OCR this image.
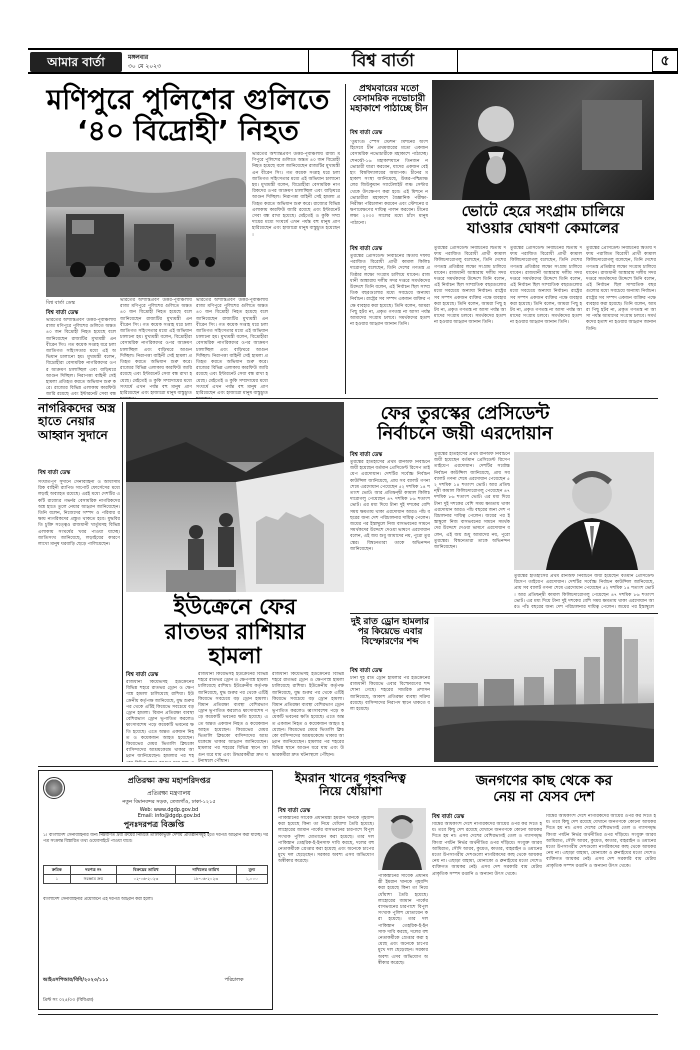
আমার বার্তা	মঙ্গলবার
৩০ মে ২০২৩	বিশ্ব বার্তা	৫
মণিপুরে পুলিশের গুলিতে
‘৪০ বিদ্রোহী’ নিহত
বিশ্ব বার্তা ডেস্ক
বিশ্ব বার্তা ডেস্ক
ভারতের অশান্তিপ্রবণ উত্তর-পূর্বাঞ্চলীয় রাজ্য মণিপুরে পুলিশের গুলিতে অন্তত ৪০ জন বিদ্রোহী নিহত হয়েছে বলে জানিয়েছেন রাজ্যটির মুখ্যমন্ত্রী এন বীরেন সিং। গত কয়েক সপ্তাহ ধরে চলা জাতিগত সহিংসতার মধ্যে এই অভিযান চালানো হয়। মুখ্যমন্ত্রী বলেন, বিদ্রোহীরা বেসামরিক নাগরিকদের ওপর আক্রমণ চালাচ্ছিল এবং বাড়িঘরে আগুন দিচ্ছিল। নিরাপত্তা বাহিনী সেই হামলা প্রতিহত করতে অভিযান শুরু করে। রাজ্যের বিভিন্ন এলাকায় কারফিউ জারি রয়েছে এবং ইন্টারনেট সেবা বন্ধ
ভারতের অশান্তিপ্রবণ উত্তর-পূর্বাঞ্চলীয় রাজ্য মণিপুরে পুলিশের গুলিতে অন্তত ৪০ জন বিদ্রোহী নিহত হয়েছে বলে জানিয়েছেন রাজ্যটির মুখ্যমন্ত্রী এন বীরেন সিং। গত কয়েক সপ্তাহ ধরে চলা জাতিগত সহিংসতার মধ্যে এই অভিযান চালানো হয়। মুখ্যমন্ত্রী বলেন, বিদ্রোহীরা বেসামরিক নাগরিকদের ওপর আক্রমণ চালাচ্ছিল এবং বাড়িঘরে আগুন দিচ্ছিল। নিরাপত্তা বাহিনী সেই হামলা প্রতিহত করতে অভিযান শুরু করে। রাজ্যের বিভিন্ন এলাকায় কারফিউ জারি রয়েছে এবং ইন্টারনেট সেবা বন্ধ রাখা হয়েছে। মেইতেই ও কুকি সম্প্রদায়ের মধ্যে সংঘর্ষে এখন পর্যন্ত বহু মানুষ প্রাণ হারিয়েছেন এবং হাজারো মানুষ বাস্তুচ্যুত
ভারতের অশান্তিপ্রবণ উত্তর-পূর্বাঞ্চলীয় রাজ্য মণিপুরে পুলিশের গুলিতে অন্তত ৪০ জন বিদ্রোহী নিহত হয়েছে বলে জানিয়েছেন রাজ্যটির মুখ্যমন্ত্রী এন বীরেন সিং। গত কয়েক সপ্তাহ ধরে চলা জাতিগত সহিংসতার মধ্যে এই অভিযান চালানো হয়। মুখ্যমন্ত্রী বলেন, বিদ্রোহীরা বেসামরিক নাগরিকদের ওপর আক্রমণ চালাচ্ছিল এবং বাড়িঘরে আগুন দিচ্ছিল। নিরাপত্তা বাহিনী সেই হামলা প্রতিহত করতে অভিযান শুরু করে। রাজ্যের বিভিন্ন এলাকায় কারফিউ জারি রয়েছে এবং ইন্টারনেট সেবা বন্ধ রাখা হয়েছে। মেইতেই ও কুকি সম্প্রদায়ের মধ্যে সংঘর্ষে এখন পর্যন্ত বহু মানুষ প্রাণ হারিয়েছেন এবং হাজারো মানুষ বাস্তুচ্যুত
ভারতের অশান্তিপ্রবণ উত্তর-পূর্বাঞ্চলীয় রাজ্য মণিপুরে পুলিশের গুলিতে অন্তত ৪০ জন বিদ্রোহী নিহত হয়েছে বলে জানিয়েছেন রাজ্যটির মুখ্যমন্ত্রী এন বীরেন সিং। গত কয়েক সপ্তাহ ধরে চলা জাতিগত সহিংসতার মধ্যে এই অভিযান চালানো হয়। মুখ্যমন্ত্রী বলেন, বিদ্রোহীরা বেসামরিক নাগরিকদের ওপর আক্রমণ চালাচ্ছিল এবং বাড়িঘরে আগুন দিচ্ছিল। নিরাপত্তা বাহিনী সেই হামলা প্রতিহত করতে অভিযান শুরু করে। রাজ্যের বিভিন্ন এলাকায় কারফিউ জারি রয়েছে এবং ইন্টারনেট সেবা বন্ধ রাখা হয়েছে। মেইতেই ও কুকি সম্প্রদায়ের মধ্যে সংঘর্ষে এখন পর্যন্ত বহু মানুষ প্রাণ হারিয়েছেন এবং হাজারো মানুষ বাস্তুচ্যুত হয়েছেন।
প্রথমবারের মতো বেসামরিক নভোচারী মহাকাশে পাঠাচ্ছে চীন
বিশ্ব বার্তা ডেস্ক
‘তুয়াংগু স্পেস স্টেশন’ মিশনের অংশ হিসেবে চীন প্রথমবারের মতো একজন বেসামরিক নভোচারীকে মহাকাশে পাঠাচ্ছে। শেনঝৌ-১৬ মহাকাশযানে তিনজন নভোচারী যাত্রা করবেন, যাদের একজন বেইহাং বিশ্ববিদ্যালয়ের অধ্যাপক। চীনের মহাকাশ সংস্থা জানিয়েছে, উত্তর-পশ্চিমাঞ্চলের জিউকুয়ান স্যাটেলাইট লঞ্চ সেন্টার থেকে উৎক্ষেপণ করা হবে। এই মিশনে নভোচারীরা মহাকাশে বৈজ্ঞানিক পরীক্ষা-নিরীক্ষা পরিচালনা করবেন এবং স্টেশনের রক্ষণাবেক্ষণের দায়িত্ব পালন করবেন। চীনের লক্ষ্য ২০৩০ সালের মধ্যে চাঁদে মানুষ পাঠানো।
ভোটে হেরে সংগ্রাম চালিয়ে
যাওয়ার ঘোষণা কেমালের
বিশ্ব বার্তা ডেস্ক
তুরস্কের প্রেসিডেন্ট নির্বাচনের দ্বিতীয় দফায় পরাজিত বিরোধী প্রার্থী কামাল কিলিচদারোগলু বলেছেন, তিনি দেশের গণতন্ত্র প্রতিষ্ঠার লক্ষ্যে সংগ্রাম চালিয়ে যাবেন। রাজধানী আঙ্কারায় দলীয় সদর দপ্তরে সমর্থকদের উদ্দেশে তিনি বলেন, এই নির্বাচন ছিল সাম্প্রতিক বছরগুলোর মধ্যে সবচেয়ে অন্যায্য নির্বাচন। রাষ্ট্রের সব সম্পদ একজন ব্যক্তির পক্ষে ব্যবহার করা হয়েছে। তিনি বলেন, আমরা পিছু হটব না, প্রকৃত গণতন্ত্র না আসা পর্যন্ত আমাদের সংগ্রাম চলবে। সমর্থকদের হতাশ না হওয়ার আহ্বান জানান তিনি।
তুরস্কের প্রেসিডেন্ট নির্বাচনের দ্বিতীয় দফায় পরাজিত বিরোধী প্রার্থী কামাল কিলিচদারোগলু বলেছেন, তিনি দেশের গণতন্ত্র প্রতিষ্ঠার লক্ষ্যে সংগ্রাম চালিয়ে যাবেন। রাজধানী আঙ্কারায় দলীয় সদর দপ্তরে সমর্থকদের উদ্দেশে তিনি বলেন, এই নির্বাচন ছিল সাম্প্রতিক বছরগুলোর মধ্যে সবচেয়ে অন্যায্য নির্বাচন। রাষ্ট্রের সব সম্পদ একজন ব্যক্তির পক্ষে ব্যবহার করা হয়েছে। তিনি বলেন, আমরা পিছু হটব না, প্রকৃত গণতন্ত্র না আসা পর্যন্ত আমাদের সংগ্রাম চলবে। সমর্থকদের হতাশ না হওয়ার আহ্বান জানান তিনি।
তুরস্কের প্রেসিডেন্ট নির্বাচনের দ্বিতীয় দফায় পরাজিত বিরোধী প্রার্থী কামাল কিলিচদারোগলু বলেছেন, তিনি দেশের গণতন্ত্র প্রতিষ্ঠার লক্ষ্যে সংগ্রাম চালিয়ে যাবেন। রাজধানী আঙ্কারায় দলীয় সদর দপ্তরে সমর্থকদের উদ্দেশে তিনি বলেন, এই নির্বাচন ছিল সাম্প্রতিক বছরগুলোর মধ্যে সবচেয়ে অন্যায্য নির্বাচন। রাষ্ট্রের সব সম্পদ একজন ব্যক্তির পক্ষে ব্যবহার করা হয়েছে। তিনি বলেন, আমরা পিছু হটব না, প্রকৃত গণতন্ত্র না আসা পর্যন্ত আমাদের সংগ্রাম চলবে। সমর্থকদের হতাশ না হওয়ার আহ্বান জানান তিনি।
তুরস্কের প্রেসিডেন্ট নির্বাচনের দ্বিতীয় দফায় পরাজিত বিরোধী প্রার্থী কামাল কিলিচদারোগলু বলেছেন, তিনি দেশের গণতন্ত্র প্রতিষ্ঠার লক্ষ্যে সংগ্রাম চালিয়ে যাবেন। রাজধানী আঙ্কারায় দলীয় সদর দপ্তরে সমর্থকদের উদ্দেশে তিনি বলেন, এই নির্বাচন ছিল সাম্প্রতিক বছরগুলোর মধ্যে সবচেয়ে অন্যায্য নির্বাচন। রাষ্ট্রের সব সম্পদ একজন ব্যক্তির পক্ষে ব্যবহার করা হয়েছে। তিনি বলেন, আমরা পিছু হটব না, প্রকৃত গণতন্ত্র না আসা পর্যন্ত আমাদের সংগ্রাম চলবে। সমর্থকদের হতাশ না হওয়ার আহ্বান জানান তিনি।
নাগরিকদের অস্ত্র হাতে নেয়ার আহ্বান সুদানে
বিশ্ব বার্তা ডেস্ক
সংঘাতপূর্ণ সুদানে সেনাবাহিনী ও আধাসামরিক বাহিনী র‌্যাপিড সাপোর্ট ফোর্সেসের মধ্যে লড়াই অব্যাহত রয়েছে। এরই মধ্যে দেশটির একটি রাজ্যের গভর্নর বেসামরিক নাগরিকদের অস্ত্র হাতে তুলে নেয়ার আহ্বান জানিয়েছেন। তিনি বলেন, নিজেদের সম্পদ ও পরিবার রক্ষায় নাগরিকদের প্রস্তুত থাকতে হবে। যুদ্ধবিরতি চুক্তি সত্ত্বেও রাজধানী খার্তুমসহ বিভিন্ন এলাকায় সংঘর্ষের খবর পাওয়া যাচ্ছে। জাতিসংঘ জানিয়েছে, লড়াইয়ের কারণে লাখো মানুষ ঘরবাড়ি ছেড়ে পালিয়েছেন।
ফের তুরস্কের প্রেসিডেন্ট
নির্বাচনে জয়ী এরদোয়ান
বিশ্ব বার্তা ডেস্ক
তুরস্কের ইতিহাসের প্রথম রানঅফ নির্বাচনে জয়ী হয়েছেন বর্তমান প্রেসিডেন্ট রিসেপ তাইয়েপ এরদোয়ান। দেশটির সর্বোচ্চ নির্বাচন কাউন্সিল জানিয়েছে, প্রায় সব ব্যালট গণনা শেষে এরদোয়ান পেয়েছেন ৫২ দশমিক ১৪ শতাংশ ভোট। আর প্রতিদ্বন্দ্বী কামাল কিলিচদারোগলু পেয়েছেন ৪৭ দশমিক ৮৬ শতাংশ ভোট। এর মধ্য দিয়ে টানা দুই দশকের বেশি সময় ক্ষমতায় থাকা এরদোয়ান আরও পাঁচ বছরের জন্য দেশ পরিচালনার দায়িত্ব পেলেন। জয়ের পর ইস্তাম্বুলে নিজ বাসভবনের সামনে সমর্থকদের উদ্দেশে দেওয়া ভাষণে এরদোয়ান বলেন, এই জয় শুধু আমাদের নয়, পুরো তুরস্কের। বিশ্বনেতারা তাকে অভিনন্দন জানিয়েছেন।
তুরস্কের ইতিহাসের প্রথম রানঅফ নির্বাচনে জয়ী হয়েছেন বর্তমান প্রেসিডেন্ট রিসেপ তাইয়েপ এরদোয়ান। দেশটির সর্বোচ্চ নির্বাচন কাউন্সিল জানিয়েছে, প্রায় সব ব্যালট গণনা শেষে এরদোয়ান পেয়েছেন ৫২ দশমিক ১৪ শতাংশ ভোট। আর প্রতিদ্বন্দ্বী কামাল কিলিচদারোগলু পেয়েছেন ৪৭ দশমিক ৮৬ শতাংশ ভোট। এর মধ্য দিয়ে টানা দুই দশকের বেশি সময় ক্ষমতায় থাকা এরদোয়ান আরও পাঁচ বছরের জন্য দেশ পরিচালনার দায়িত্ব পেলেন। জয়ের পর ইস্তাম্বুলে নিজ বাসভবনের সামনে সমর্থকদের উদ্দেশে দেওয়া ভাষণে এরদোয়ান বলেন, এই জয় শুধু আমাদের নয়, পুরো তুরস্কের। বিশ্বনেতারা তাকে অভিনন্দন জানিয়েছেন।
তুরস্কের ইতিহাসের প্রথম রানঅফ নির্বাচনে জয়ী হয়েছেন বর্তমান প্রেসিডেন্ট রিসেপ তাইয়েপ এরদোয়ান। দেশটির সর্বোচ্চ নির্বাচন কাউন্সিল জানিয়েছে, প্রায় সব ব্যালট গণনা শেষে এরদোয়ান পেয়েছেন ৫২ দশমিক ১৪ শতাংশ ভোট। আর প্রতিদ্বন্দ্বী কামাল কিলিচদারোগলু পেয়েছেন ৪৭ দশমিক ৮৬ শতাংশ ভোট। এর মধ্য দিয়ে টানা দুই দশকের বেশি সময় ক্ষমতায় থাকা এরদোয়ান আরও পাঁচ বছরের জন্য দেশ পরিচালনার দায়িত্ব পেলেন। জয়ের পর ইস্তাম্বুলে
ইউক্রেনে ফের
রাতভর রাশিয়ার
হামলা
বিশ্ব বার্তা ডেস্ক
রাজধানী কিয়েভসহ ইউক্রেনের বিভিন্ন শহরে রাতভর ড্রোন ও ক্ষেপণাস্ত্র হামলা চালিয়েছে রাশিয়া। ইউক্রেনীয় কর্তৃপক্ষ জানিয়েছে, যুদ্ধ শুরুর পর থেকে এটিই কিয়েভে সবচেয়ে বড় ড্রোন হামলা। বিমান প্রতিরক্ষা ব্যবস্থা বেশিরভাগ ড্রোন ভূপাতিত করলেও ধ্বংসাবশেষ পড়ে কয়েকটি ভবনের ক্ষতি হয়েছে। এতে অন্তত একজন নিহত ও কয়েকজন আহত হয়েছেন। কিয়েভের মেয়র ভিতালি ক্লিচকো বাসিন্দাদের আশ্রয়কেন্দ্রে থাকার আহ্বান জানিয়েছেন। হামলার পর শহ
রাজধানী কিয়েভসহ ইউক্রেনের বিভিন্ন শহরে রাতভর ড্রোন ও ক্ষেপণাস্ত্র হামলা চালিয়েছে রাশিয়া। ইউক্রেনীয় কর্তৃপক্ষ জানিয়েছে, যুদ্ধ শুরুর পর থেকে এটিই কিয়েভে সবচেয়ে বড় ড্রোন হামলা। বিমান প্রতিরক্ষা ব্যবস্থা বেশিরভাগ ড্রোন ভূপাতিত করলেও ধ্বংসাবশেষ পড়ে কয়েকটি ভবনের ক্ষতি হয়েছে। এতে অন্তত একজন নিহত ও কয়েকজন আহত হয়েছেন। কিয়েভের মেয়র ভিতালি ক্লিচকো বাসিন্দাদের আশ্রয়কেন্দ্রে থাকার আহ্বান জানিয়েছেন। হামলার পর শহরের বিভিন্ন স্থানে আগুন ধরে যায় এবং উদ্ধারকর্মীরা দ্রুত ঘটনাস্থলে পৌঁছান।
রাজধানী কিয়েভসহ ইউক্রেনের বিভিন্ন শহরে রাতভর ড্রোন ও ক্ষেপণাস্ত্র হামলা চালিয়েছে রাশিয়া। ইউক্রেনীয় কর্তৃপক্ষ জানিয়েছে, যুদ্ধ শুরুর পর থেকে এটিই কিয়েভে সবচেয়ে বড় ড্রোন হামলা। বিমান প্রতিরক্ষা ব্যবস্থা বেশিরভাগ ড্রোন ভূপাতিত করলেও ধ্বংসাবশেষ পড়ে কয়েকটি ভবনের ক্ষতি হয়েছে। এতে অন্তত একজন নিহত ও কয়েকজন আহত হয়েছেন। কিয়েভের মেয়র ভিতালি ক্লিচকো বাসিন্দাদের আশ্রয়কেন্দ্রে থাকার আহ্বান জানিয়েছেন। হামলার পর শহরের বিভিন্ন স্থানে আগুন ধরে যায় এবং উদ্ধারকর্মীরা দ্রুত ঘটনাস্থলে পৌঁছান।
দুই রাত ড্রোন হামলার পর কিয়েভে এবার বিস্ফোরণের শব্দ
বিশ্ব বার্তা ডেস্ক
টানা দুই রাত ড্রোন হামলার পর ইউক্রেনের রাজধানী কিয়েভে এবার বিস্ফোরণের শব্দ শোনা গেছে। শহরের সামরিক প্রশাসন জানিয়েছে, আকাশ প্রতিরক্ষা ব্যবস্থা সক্রিয় রয়েছে। বাসিন্দাদের নিরাপদ স্থানে থাকতে বলা হয়েছে।
প্রতিরক্ষা ক্রয় মহাপরিদপ্তর
প্রতিরক্ষা মন্ত্রণালয়
নতুন বিমানবন্দর সড়ক, তেজগাঁও, ঢাকা-১২১৫
Web: www.dgdp.gov.bd
Email: info@dgdp.gov.bd
পুনঃদরপত্র বিজ্ঞপ্তি
১। বাংলাদেশ সেনাবাহিনীর জন্য নিম্নবর্ণিত দ্রব্য ক্রয়ের নিমিত্তে তালিকাভুক্ত দেশীয় প্রতিষ্ঠানসমূহ হতে দরপত্র আহ্বান করা যাচ্ছে। দরপত্র সংক্রান্ত বিস্তারিত তথ্য ওয়েবসাইটে পাওয়া যাবে।
ক্রমিক	দরপত্র নং	বিক্রয়ের তারিখ	দাখিলের তারিখ	মূল্য
১	সরঞ্জাম ক্রয়	০২-০৬-২০২৩	১৮-০৬-২০২৩	১,০০০
বাংলাদেশ সেনাবাহিনীর প্রয়োজনে এই দরপত্র আহ্বান করা হলো।
আইএসপিআর/বিবি/২০২৩/১১১	পরিচালক
প্রিন্ট সং ০২৫/০৩ (বিবিএম)
ইমরান খানের গৃহবন্দিত্ব
নিয়ে ধোঁয়াশা
বিশ্ব বার্তা ডেস্ক
পাকিস্তানের সাবেক প্রধানমন্ত্রী ইমরান খানকে গৃহবন্দি করা হয়েছে কিনা তা নিয়ে ধোঁয়াশা তৈরি হয়েছে। লাহোরের জামান পার্কের বাসভবনের চারপাশে বিপুল সংখ্যক পুলিশ মোতায়েন করা হয়েছে। তার দল পাকিস্তান তেহরিক-ই-ইনসাফ দাবি করছে, দলের বহু নেতাকর্মীকে গ্রেপ্তার করা হয়েছে এবং অনেকে চাপের মুখে দল ছেড়েছেন। সরকার অবশ্য এসব অভিযোগ অস্বীকার করেছে।
পাকিস্তানের সাবেক প্রধানমন্ত্রী ইমরান খানকে গৃহবন্দি করা হয়েছে কিনা তা নিয়ে ধোঁয়াশা তৈরি হয়েছে। লাহোরের জামান পার্কের বাসভবনের চারপাশে বিপুল সংখ্যক পুলিশ মোতায়েন করা হয়েছে। তার দল পাকিস্তান তেহরিক-ই-ইনসাফ দাবি করছে, দলের বহু নেতাকর্মীকে গ্রেপ্তার করা হয়েছে এবং অনেকে চাপের মুখে দল ছেড়েছেন। সরকার অবশ্য এসব অভিযোগ অস্বীকার করেছে।
জনগণের কাছ থেকে কর
নেয় না যেসব দেশ
বিশ্ব বার্তা ডেস্ক
বিশ্বের অধিকাংশ দেশে নাগরিকদের আয়ের ওপর কর দিতে হয়। তবে কিছু দেশ রয়েছে যেখানে জনগণকে কোনো আয়কর দিতে হয় না। এসব দেশের বেশিরভাগই তেল ও গ্যাসসমৃদ্ধ কিংবা পর্যটন নির্ভর অর্থনীতির ওপর দাঁড়িয়ে। সংযুক্ত আরব আমিরাত, সৌদি আরব, কুয়েত, কাতার, বাহরাইন ও ওমানের মতো উপসাগরীয় দেশগুলো নাগরিকদের কাছ থেকে আয়কর নেয় না। এছাড়া বাহামা, মোনাকো ও ব্রুনাইয়ের মতো দেশেও ব্যক্তিগত আয়কর নেই। এসব দেশ সরকারি ব্যয় মেটায় প্রাকৃতিক সম্পদ রপ্তানি ও অন্যান্য উৎস থেকে।
বিশ্বের অধিকাংশ দেশে নাগরিকদের আয়ের ওপর কর দিতে হয়। তবে কিছু দেশ রয়েছে যেখানে জনগণকে কোনো আয়কর দিতে হয় না। এসব দেশের বেশিরভাগই তেল ও গ্যাসসমৃদ্ধ কিংবা পর্যটন নির্ভর অর্থনীতির ওপর দাঁড়িয়ে। সংযুক্ত আরব আমিরাত, সৌদি আরব, কুয়েত, কাতার, বাহরাইন ও ওমানের মতো উপসাগরীয় দেশগুলো নাগরিকদের কাছ থেকে আয়কর নেয় না। এছাড়া বাহামা, মোনাকো ও ব্রুনাইয়ের মতো দেশেও ব্যক্তিগত আয়কর নেই। এসব দেশ সরকারি ব্যয় মেটায় প্রাকৃতিক সম্পদ রপ্তানি ও অন্যান্য উৎস থেকে।
